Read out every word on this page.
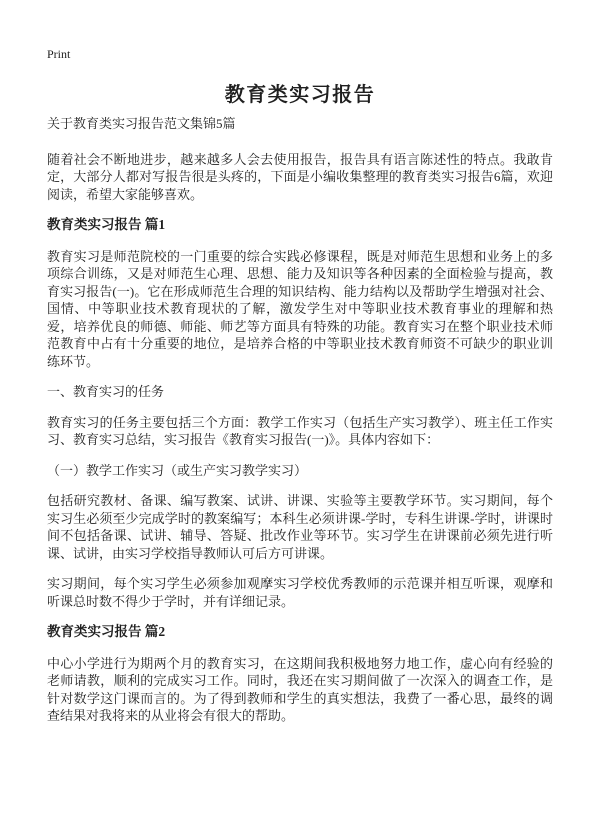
Print
教育类实习报告
关于教育类实习报告范文集锦5篇

随着社会不断地进步，越来越多人会去使用报告，报告具有语言陈述性的特点。我敢肯定，大部分人都对写报告很是头疼的，下面是小编收集整理的教育类实习报告6篇，欢迎阅读，希望大家能够喜欢。

教育类实习报告 篇1

教育实习是师范院校的一门重要的综合实践必修课程，既是对师范生思想和业务上的多项综合训练，又是对师范生心理、思想、能力及知识等各种因素的全面检验与提高，教育实习报告(一)。它在形成师范生合理的知识结构、能力结构以及帮助学生增强对社会、国情、中等职业技术教育现状的了解，激发学生对中等职业技术教育事业的理解和热爱，培养优良的师德、师能、师艺等方面具有特殊的功能。教育实习在整个职业技术师范教育中占有十分重要的地位，是培养合格的中等职业技术教育师资不可缺少的职业训练环节。

一、教育实习的任务

教育实习的任务主要包括三个方面：教学工作实习（包括生产实习教学）、班主任工作实习、教育实习总结，实习报告《教育实习报告(一)》。具体内容如下：

（一）教学工作实习（或生产实习教学实习）

包括研究教材、备课、编写教案、试讲、讲课、实验等主要教学环节。实习期间，每个实习生必须至少完成学时的教案编写；本科生必须讲课-学时，专科生讲课-学时，讲课时间不包括备课、试讲、辅导、答疑、批改作业等环节。实习学生在讲课前必须先进行听课、试讲，由实习学校指导教师认可后方可讲课。

实习期间，每个实习学生必须参加观摩实习学校优秀教师的示范课并相互听课，观摩和听课总时数不得少于学时，并有详细记录。

教育类实习报告 篇2

中心小学进行为期两个月的教育实习，在这期间我积极地努力地工作，虚心向有经验的老师请教，顺利的完成实习工作。同时，我还在实习期间做了一次深入的调查工作，是针对数学这门课而言的。为了得到教师和学生的真实想法，我费了一番心思，最终的调查结果对我将来的从业将会有很大的帮助。
